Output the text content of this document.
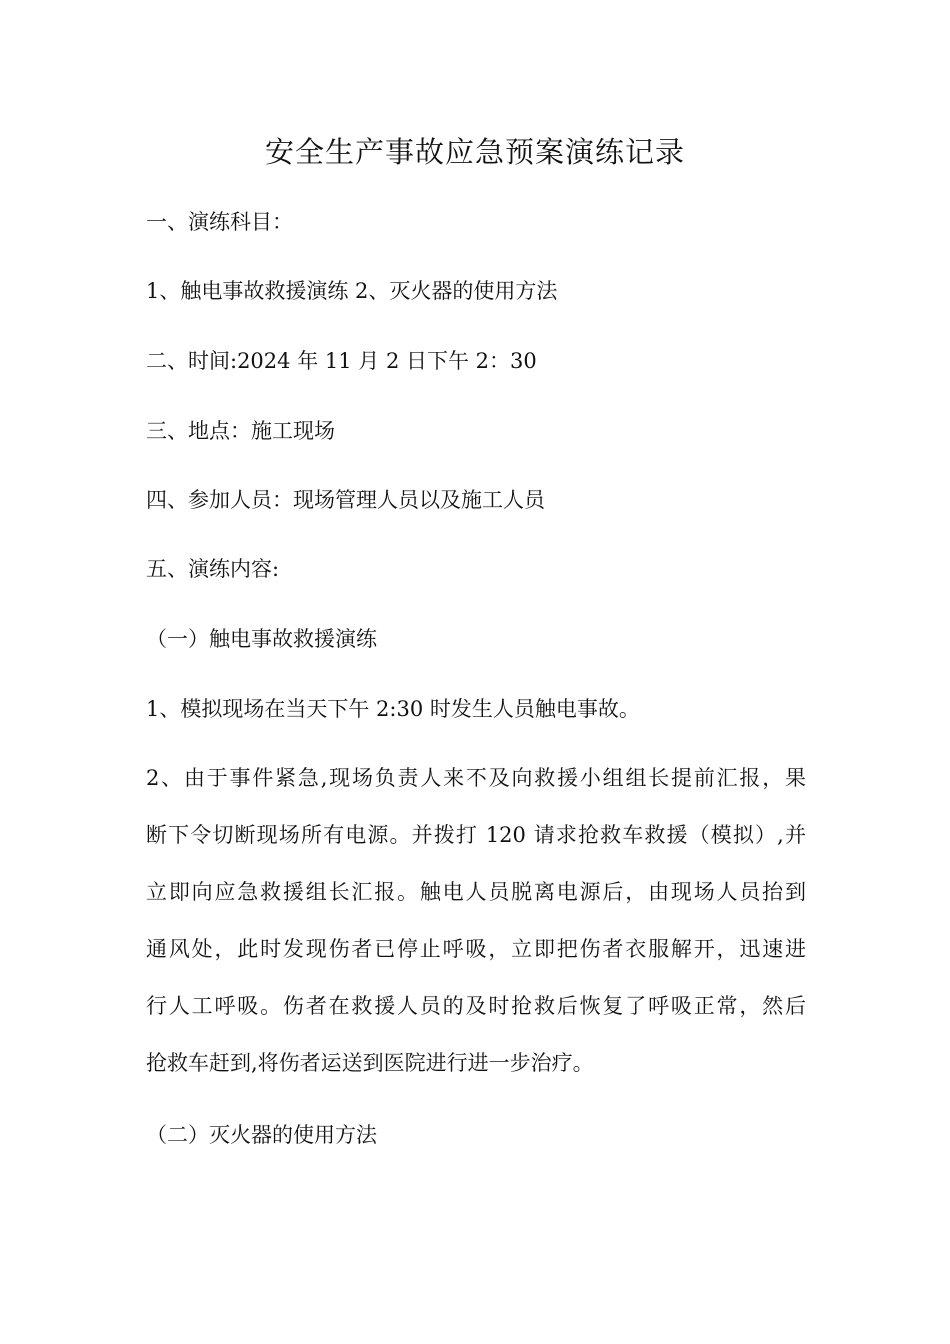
安全生产事故应急预案演练记录
一、演练科目：
1、触电事故救援演练 2、灭火器的使用方法
二、时间:2024 年 11 月 2 日下午 2：30
三、地点：施工现场
四、参加人员：现场管理人员以及施工人员
五、演练内容:
（一）触电事故救援演练
1、模拟现场在当天下午 2:30 时发生人员触电事故。
2、由于事件紧急,现场负责人来不及向救援小组组长提前汇报，果
断下令切断现场所有电源。并拨打 120 请求抢救车救援（模拟）,并
立即向应急救援组长汇报。触电人员脱离电源后，由现场人员抬到
通风处，此时发现伤者已停止呼吸，立即把伤者衣服解开，迅速进
行人工呼吸。伤者在救援人员的及时抢救后恢复了呼吸正常，然后
抢救车赶到,将伤者运送到医院进行进一步治疗。
（二）灭火器的使用方法
